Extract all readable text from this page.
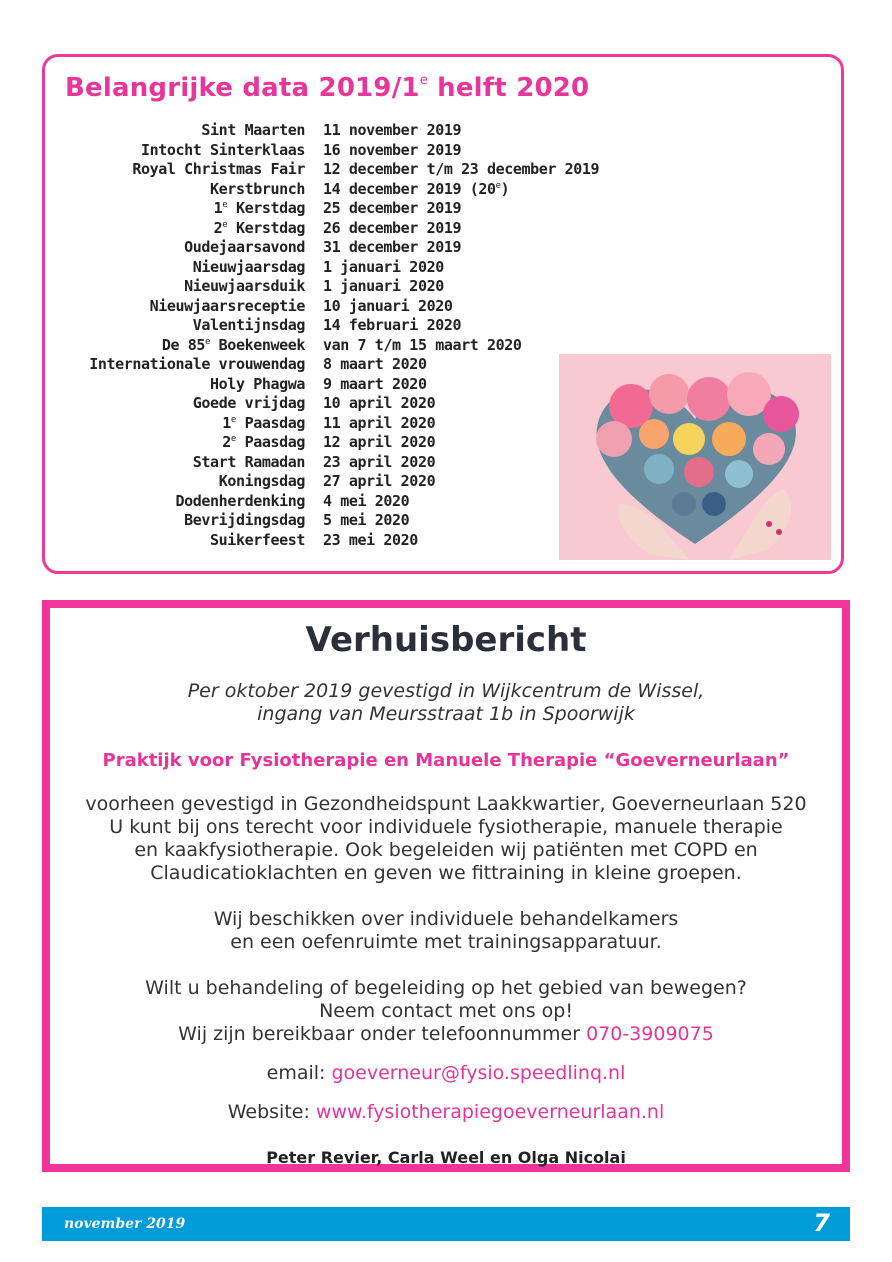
Belangrijke data 2019/1e helft 2020
Sint Maarten 11 november 2019
Intocht Sinterklaas 16 november 2019
Royal Christmas Fair 12 december t/m 23 december 2019
Kerstbrunch 14 december 2019 (20e)
1e Kerstdag 25 december 2019
2e Kerstdag 26 december 2019
Oudejaarsavond 31 december 2019
Nieuwjaarsdag 1 januari 2020
Nieuwjaarsduik 1 januari 2020
Nieuwjaarsreceptie 10 januari 2020
Valentijnsdag 14 februari 2020
De 85e Boekenweek van 7 t/m 15 maart 2020
Internationale vrouwendag 8 maart 2020
Holy Phagwa 9 maart 2020
Goede vrijdag 10 april 2020
1e Paasdag 11 april 2020
2e Paasdag 12 april 2020
Start Ramadan 23 april 2020
Koningsdag 27 april 2020
Dodenherdenking 4 mei 2020
Bevrijdingsdag 5 mei 2020
Suikerfeest 23 mei 2020
Verhuisbericht
Per oktober 2019 gevestigd in Wijkcentrum de Wissel,
ingang van Meursstraat 1b in Spoorwijk
Praktijk voor Fysiotherapie en Manuele Therapie “Goeverneurlaan”
voorheen gevestigd in Gezondheidspunt Laakkwartier, Goeverneurlaan 520
U kunt bij ons terecht voor individuele fysiotherapie, manuele therapie
en kaakfysiotherapie. Ook begeleiden wij patiënten met COPD en
Claudicatioklachten en geven we fittraining in kleine groepen.
Wij beschikken over individuele behandelkamers
en een oefenruimte met trainingsapparatuur.
Wilt u behandeling of begeleiding op het gebied van bewegen?
Neem contact met ons op!
Wij zijn bereikbaar onder telefoonnummer 070-3909075
email: goeverneur@fysio.speedlinq.nl
Website: www.fysiotherapiegoeverneurlaan.nl
Peter Revier, Carla Weel en Olga Nicolai
november 2019	7
